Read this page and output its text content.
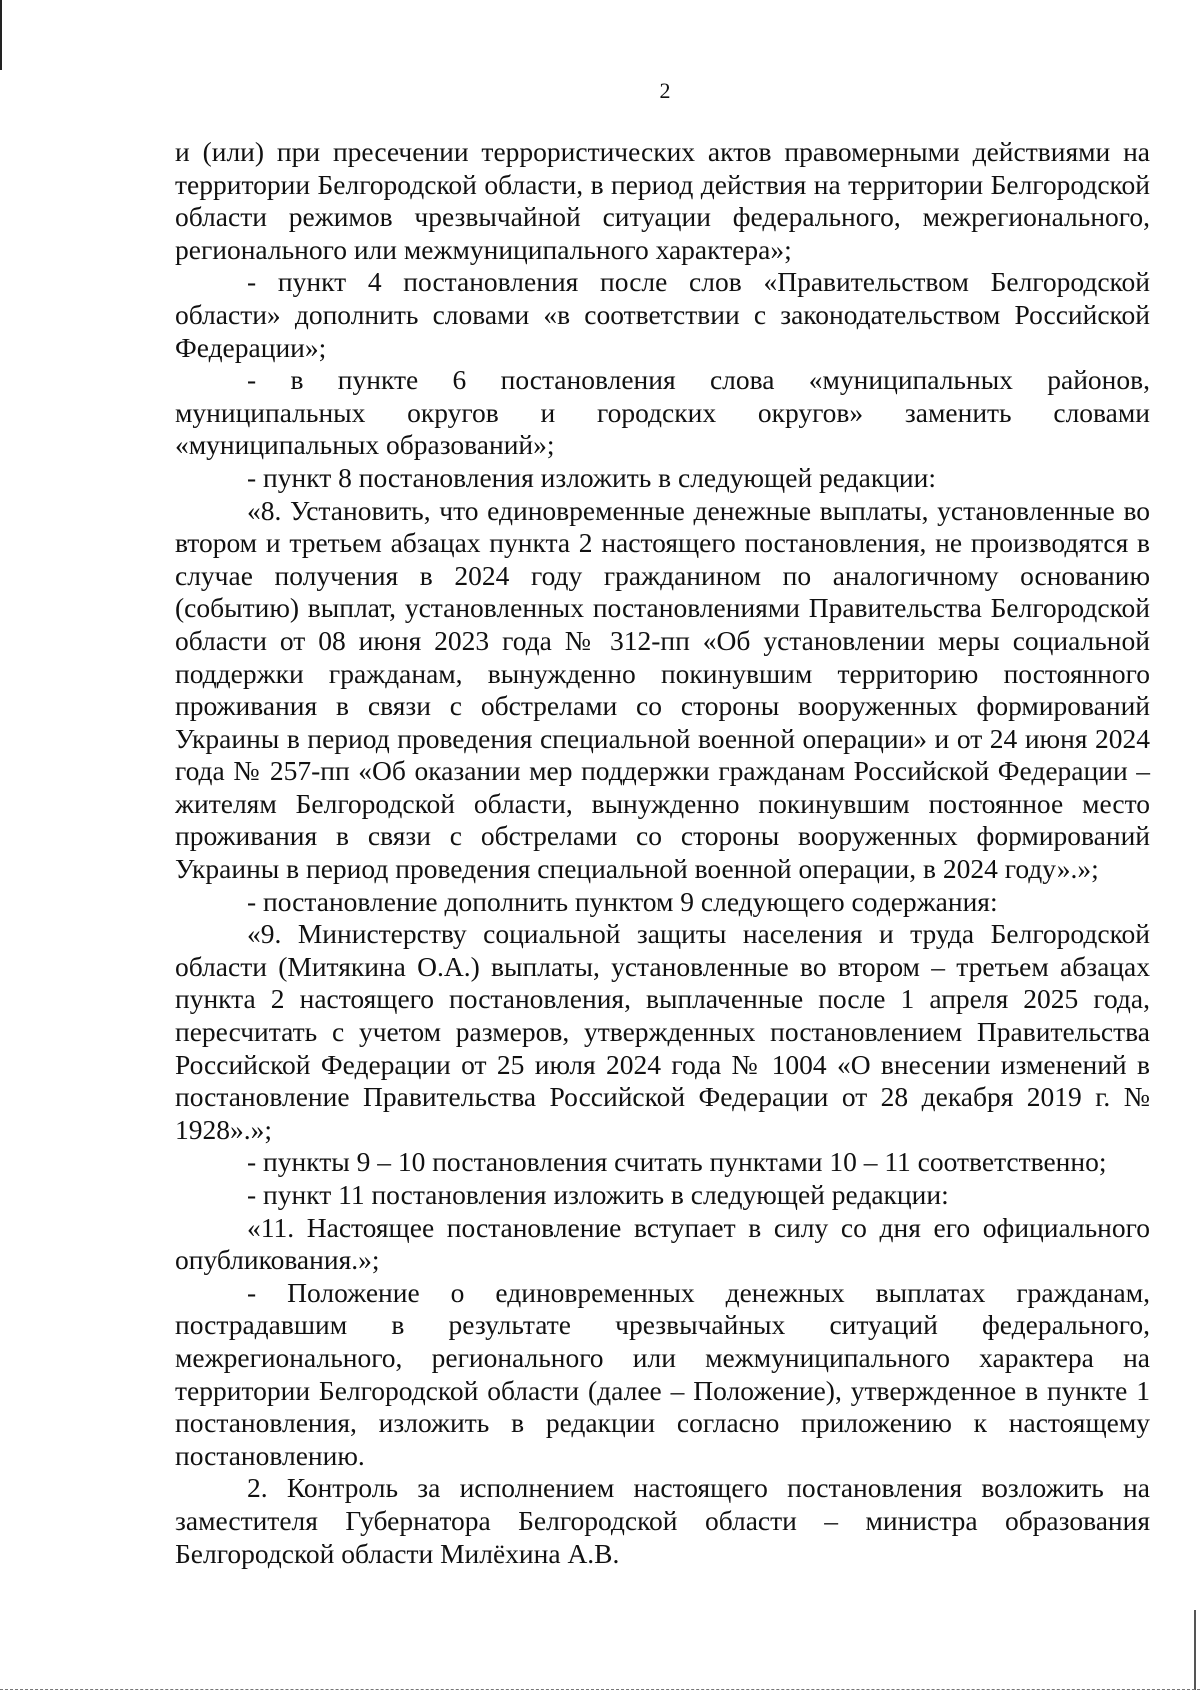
2

и (или) при пресечении террористических актов правомерными действиями на территории Белгородской области, в период действия на территории Белгородской области режимов чрезвычайной ситуации федерального, межрегионального, регионального или межмуниципального характера»;

- пункт 4 постановления после слов «Правительством Белгородской области» дополнить словами «в соответствии с законодательством Российской Федерации»;

- в пункте 6 постановления слова «муниципальных районов, муниципальных округов и городских округов» заменить словами «муниципальных образований»;

- пункт 8 постановления изложить в следующей редакции:

«8. Установить, что единовременные денежные выплаты, установленные во втором и третьем абзацах пункта 2 настоящего постановления, не производятся в случае получения в 2024 году гражданином по аналогичному основанию (событию) выплат, установленных постановлениями Правительства Белгородской области от 08 июня 2023 года № 312-пп «Об установлении меры социальной поддержки гражданам, вынужденно покинувшим территорию постоянного проживания в связи с обстрелами со стороны вооруженных формирований Украины в период проведения специальной военной операции» и от 24 июня 2024 года № 257-пп «Об оказании мер поддержки гражданам Российской Федерации – жителям Белгородской области, вынужденно покинувшим постоянное место проживания в связи с обстрелами со стороны вооруженных формирований Украины в период проведения специальной военной операции, в 2024 году».»;

- постановление дополнить пунктом 9 следующего содержания:

«9. Министерству социальной защиты населения и труда Белгородской области (Митякина О.А.) выплаты, установленные во втором – третьем абзацах пункта 2 настоящего постановления, выплаченные после 1 апреля 2025 года, пересчитать с учетом размеров, утвержденных постановлением Правительства Российской Федерации от 25 июля 2024 года № 1004 «О внесении изменений в постановление Правительства Российской Федерации от 28 декабря 2019 г. № 1928».»;

- пункты 9 – 10 постановления считать пунктами 10 – 11 соответственно;

- пункт 11 постановления изложить в следующей редакции:

«11. Настоящее постановление вступает в силу со дня его официального опубликования.»;

- Положение о единовременных денежных выплатах гражданам, пострадавшим в результате чрезвычайных ситуаций федерального, межрегионального, регионального или межмуниципального характера на территории Белгородской области (далее – Положение), утвержденное в пункте 1 постановления, изложить в редакции согласно приложению к настоящему постановлению.

2. Контроль за исполнением настоящего постановления возложить на заместителя Губернатора Белгородской области – министра образования Белгородской области Милёхина А.В.
